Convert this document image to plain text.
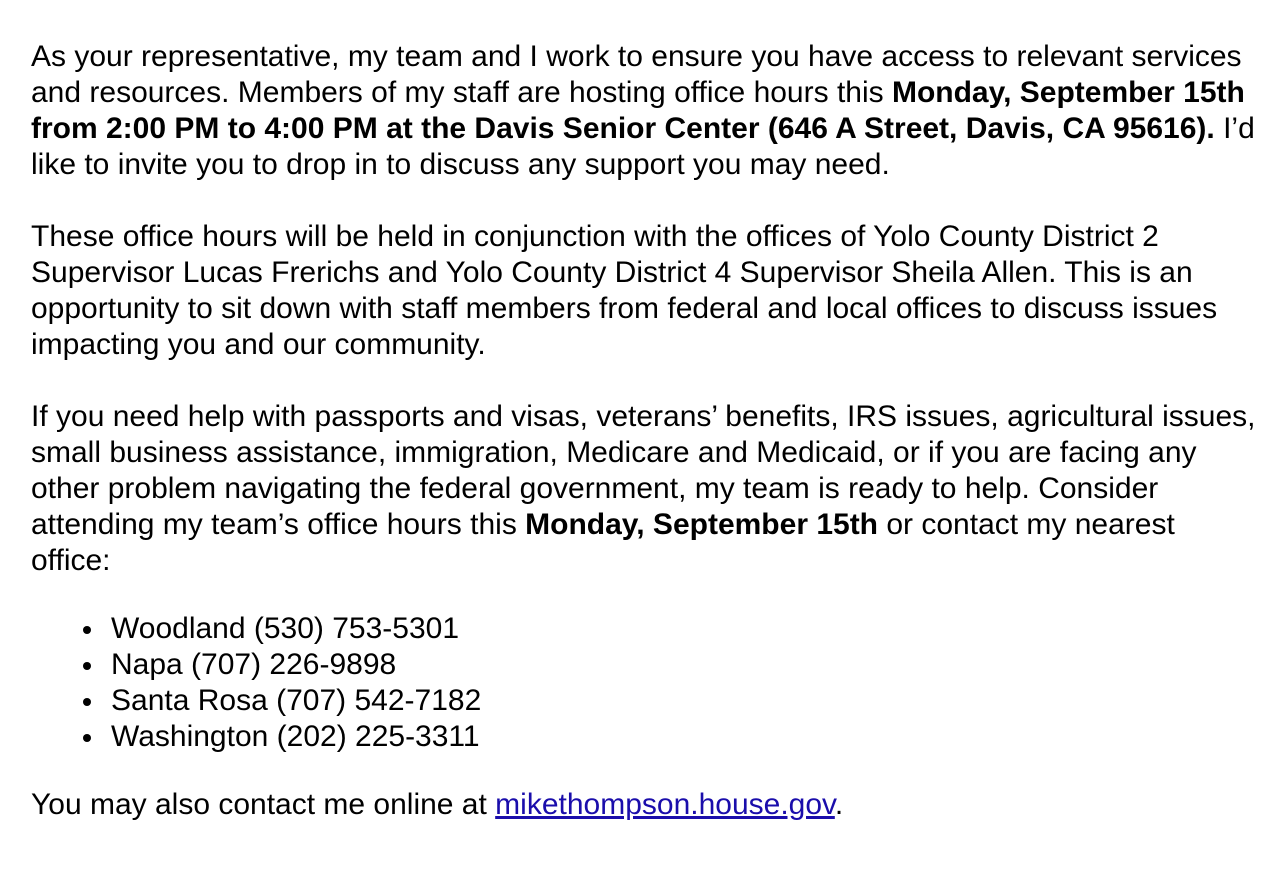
As your representative, my team and I work to ensure you have access to relevant services and resources. Members of my staff are hosting office hours this Monday, September 15th from 2:00 PM to 4:00 PM at the Davis Senior Center (646 A Street, Davis, CA 95616). I’d like to invite you to drop in to discuss any support you may need.

These office hours will be held in conjunction with the offices of Yolo County District 2 Supervisor Lucas Frerichs and Yolo County District 4 Supervisor Sheila Allen. This is an opportunity to sit down with staff members from federal and local offices to discuss issues impacting you and our community.

If you need help with passports and visas, veterans’ benefits, IRS issues, agricultural issues, small business assistance, immigration, Medicare and Medicaid, or if you are facing any other problem navigating the federal government, my team is ready to help. Consider attending my team’s office hours this Monday, September 15th or contact my nearest office:

Woodland (530) 753-5301
Napa (707) 226-9898
Santa Rosa (707) 542-7182
Washington (202) 225-3311

You may also contact me online at mikethompson.house.gov.
